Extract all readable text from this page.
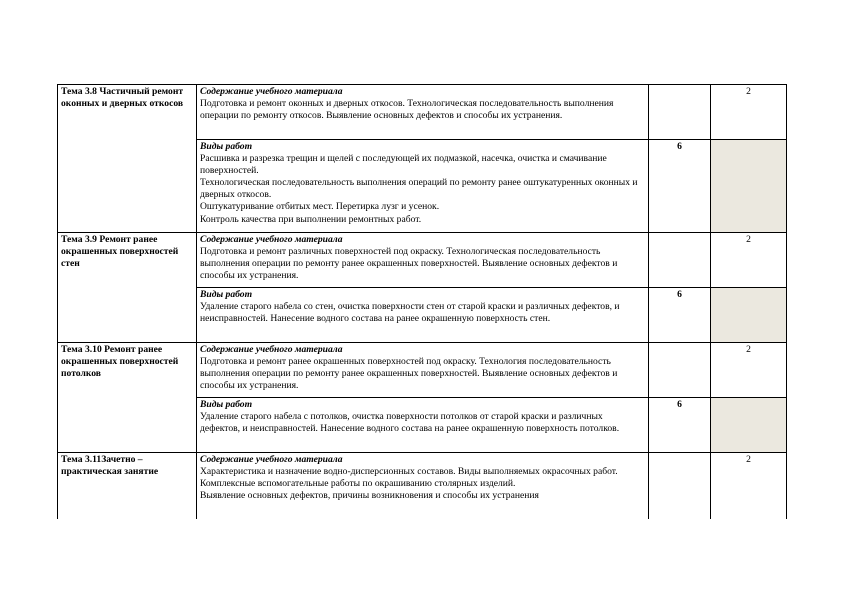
Тема 3.8 Частичный ремонт оконных и дверных откосов	Содержание учебного материала
Подготовка и ремонт оконных и дверных откосов. Технологическая последовательность выполнения операции по ремонту откосов. Выявление основных дефектов и способы их устранения.		2

	Виды работ
Расшивка и разрезка трещин и щелей с последующей их подмазкой, насечка, очистка и смачивание поверхностей.
Технологическая последовательность выполнения операций по ремонту ранее оштукатуренных оконных и дверных откосов.
Оштукатуривание отбитых мест. Перетирка лузг и усенок.
Контроль качества при выполнении ремонтных работ.	6	
Тема 3.9 Ремонт ранее окрашенных поверхностей стен	Содержание учебного материала
Подготовка и ремонт различных поверхностей под окраску. Технологическая последовательность выполнения операции по ремонту ранее окрашенных поверхностей. Выявление основных дефектов и способы их устранения.		2

	Виды работ
Удаление старого набела со стен, очистка поверхности стен от старой краски и различных дефектов, и неисправностей. Нанесение водного состава на ранее окрашенную поверхность стен.	6	
Тема 3.10 Ремонт ранее окрашенных поверхностей потолков	Содержание учебного материала
Подготовка и ремонт ранее окрашенных поверхностей под окраску. Технология последовательность выполнения операции по ремонту ранее окрашенных поверхностей. Выявление основных дефектов и способы их устранения.		2

	Виды работ
Удаление старого набела с потолков, очистка поверхности потолков от старой краски и различных дефектов, и неисправностей. Нанесение водного состава на ранее окрашенную поверхность потолков.	6	
Тема 3.11Зачетно – практическая занятие	Содержание учебного материала
Характеристика и назначение водно-дисперсионных составов. Виды выполняемых окрасочных работ. Комплексные вспомогательные работы по окрашиванию столярных изделий.
Выявление основных дефектов, причины возникновения и способы их устранения		2
